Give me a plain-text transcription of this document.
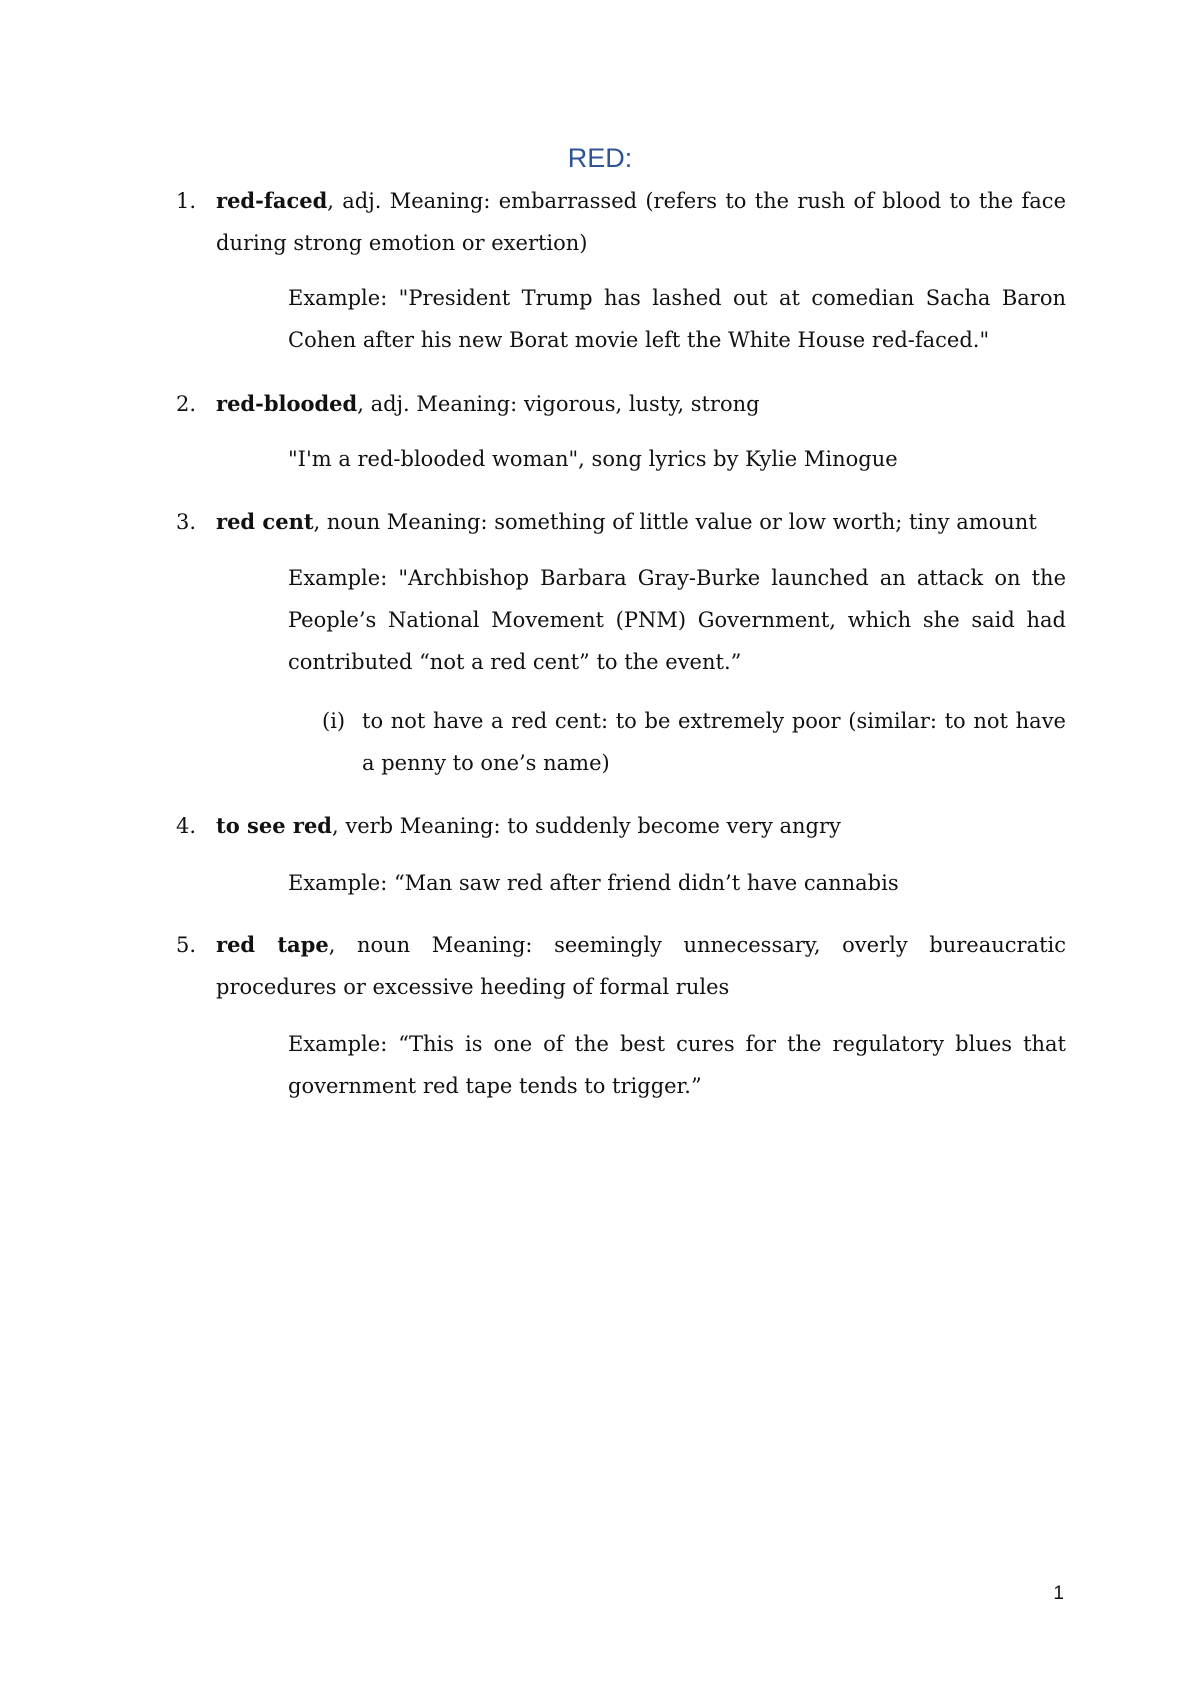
RED:
1. red-faced, adj. Meaning: embarrassed (refers to the rush of blood to the face during strong emotion or exertion)
Example: "President Trump has lashed out at comedian Sacha Baron Cohen after his new Borat movie left the White House red-faced."
2. red-blooded, adj. Meaning: vigorous, lusty, strong
"I'm a red-blooded woman", song lyrics by Kylie Minogue
3. red cent, noun Meaning: something of little value or low worth; tiny amount
Example: "Archbishop Barbara Gray-Burke launched an attack on the People’s National Movement (PNM) Government, which she said had contributed “not a red cent” to the event.”
(i) to not have a red cent: to be extremely poor (similar: to not have a penny to one’s name)
4. to see red, verb Meaning: to suddenly become very angry
Example: “Man saw red after friend didn’t have cannabis
5. red tape, noun Meaning: seemingly unnecessary, overly bureaucratic procedures or excessive heeding of formal rules
Example: “This is one of the best cures for the regulatory blues that government red tape tends to trigger.”
1
